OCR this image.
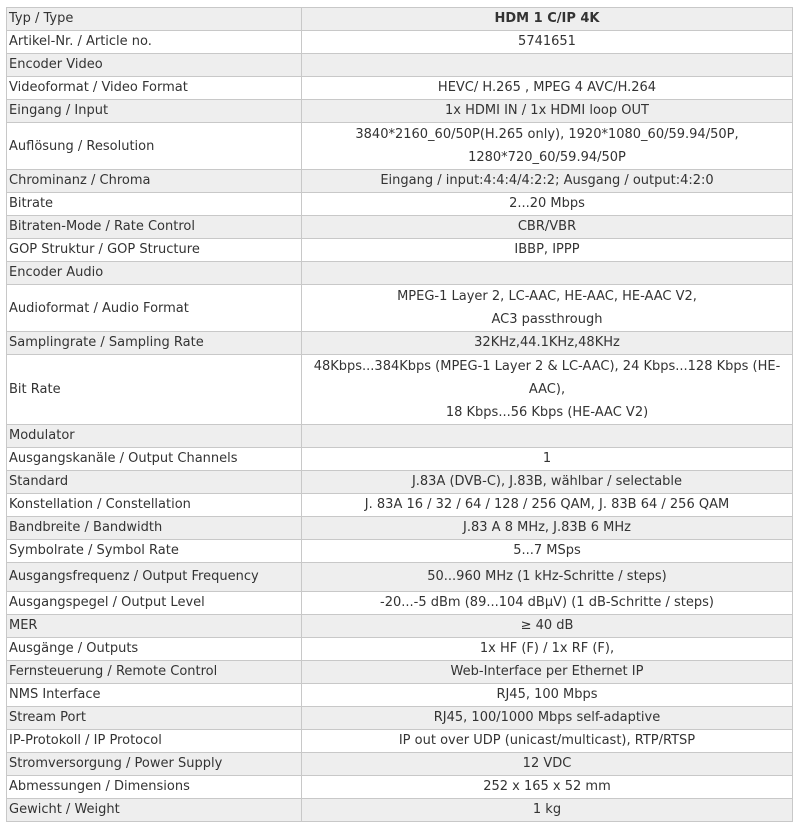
Typ / Type	HDM 1 C/IP 4K

Artikel-Nr. / Article no.	5741651

Encoder Video	
Videoformat / Video Format	HEVC/ H.265 , MPEG 4 AVC/H.264

Eingang / Input	1x HDMI IN / 1x HDMI loop OUT

Auflösung / Resolution	3840*2160_60/50P(H.265 only), 1920*1080_60/59.94/50P,
1280*720_60/59.94/50P

Chrominanz / Chroma	Eingang / input:4:4:4/4:2:2; Ausgang / output:4:2:0

Bitrate	2...20 Mbps

Bitraten-Mode / Rate Control	CBR/VBR

GOP Struktur / GOP Structure	IBBP, IPPP

Encoder Audio	
Audioformat / Audio Format	MPEG-1 Layer 2, LC-AAC, HE-AAC, HE-AAC V2,
AC3 passthrough

Samplingrate / Sampling Rate	32KHz,44.1KHz,48KHz

Bit Rate	48Kbps...384Kbps (MPEG-1 Layer 2 & LC-AAC), 24 Kbps...128 Kbps (HE-AAC),
18 Kbps...56 Kbps (HE-AAC V2)

Modulator	
Ausgangskanäle / Output Channels	1

Standard	J.83A (DVB-C), J.83B, wählbar / selectable

Konstellation / Constellation	J. 83A 16 / 32 / 64 / 128 / 256 QAM, J. 83B 64 / 256 QAM

Bandbreite / Bandwidth	J.83 A 8 MHz, J.83B 6 MHz

Symbolrate / Symbol Rate	5...7 MSps

Ausgangsfrequenz / Output Frequency	50...960 MHz (1 kHz-Schritte / steps)

Ausgangspegel / Output Level	-20...-5 dBm (89...104 dBµV) (1 dB-Schritte / steps)

MER	≥ 40 dB

Ausgänge / Outputs	1x HF (F) / 1x RF (F),

Fernsteuerung / Remote Control	Web-Interface per Ethernet IP

NMS Interface	RJ45, 100 Mbps

Stream Port	RJ45, 100/1000 Mbps self-adaptive

IP-Protokoll / IP Protocol	IP out over UDP (unicast/multicast), RTP/RTSP

Stromversorgung / Power Supply	12 VDC

Abmessungen / Dimensions	252 x 165 x 52 mm

Gewicht / Weight	1 kg
